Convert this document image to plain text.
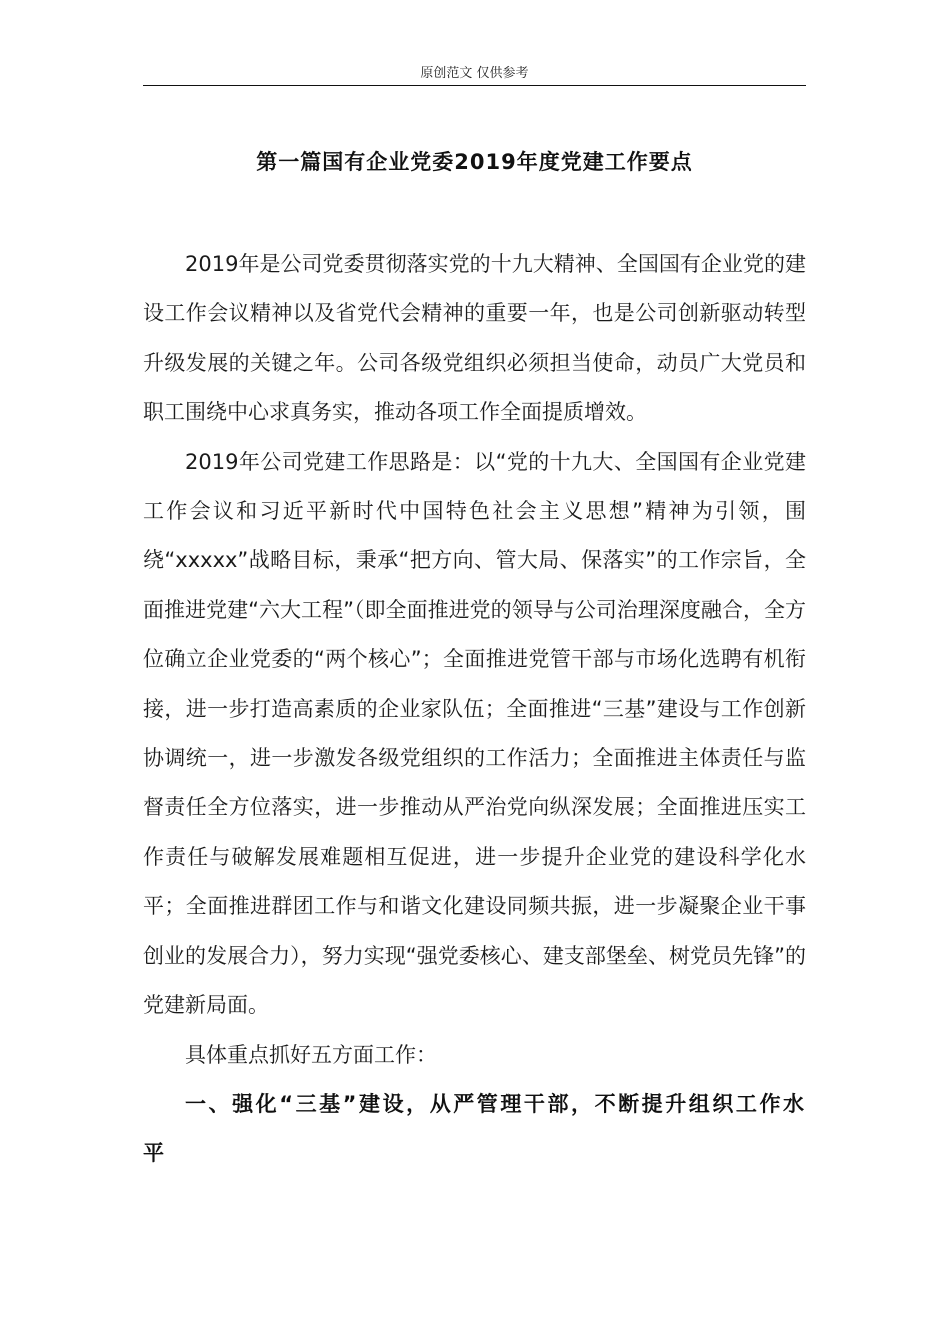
原创范文 仅供参考
第一篇国有企业党委2019年度党建工作要点

2019年是公司党委贯彻落实党的十九大精神、全国国有企业党的建设工作会议精神以及省党代会精神的重要一年，也是公司创新驱动转型升级发展的关键之年。公司各级党组织必须担当使命，动员广大党员和职工围绕中心求真务实，推动各项工作全面提质增效。

2019年公司党建工作思路是：以“党的十九大、全国国有企业党建工作会议和习近平新时代中国特色社会主义思想”精神为引领，围绕“xxxxx”战略目标，秉承“把方向、管大局、保落实”的工作宗旨，全面推进党建“六大工程”（即全面推进党的领导与公司治理深度融合，全方位确立企业党委的“两个核心”；全面推进党管干部与市场化选聘有机衔接，进一步打造高素质的企业家队伍；全面推进“三基”建设与工作创新协调统一，进一步激发各级党组织的工作活力；全面推进主体责任与监督责任全方位落实，进一步推动从严治党向纵深发展；全面推进压实工作责任与破解发展难题相互促进，进一步提升企业党的建设科学化水平；全面推进群团工作与和谐文化建设同频共振，进一步凝聚企业干事创业的发展合力），努力实现“强党委核心、建支部堡垒、树党员先锋”的党建新局面。

具体重点抓好五方面工作：

一、强化“三基”建设，从严管理干部，不断提升组织工作水平
